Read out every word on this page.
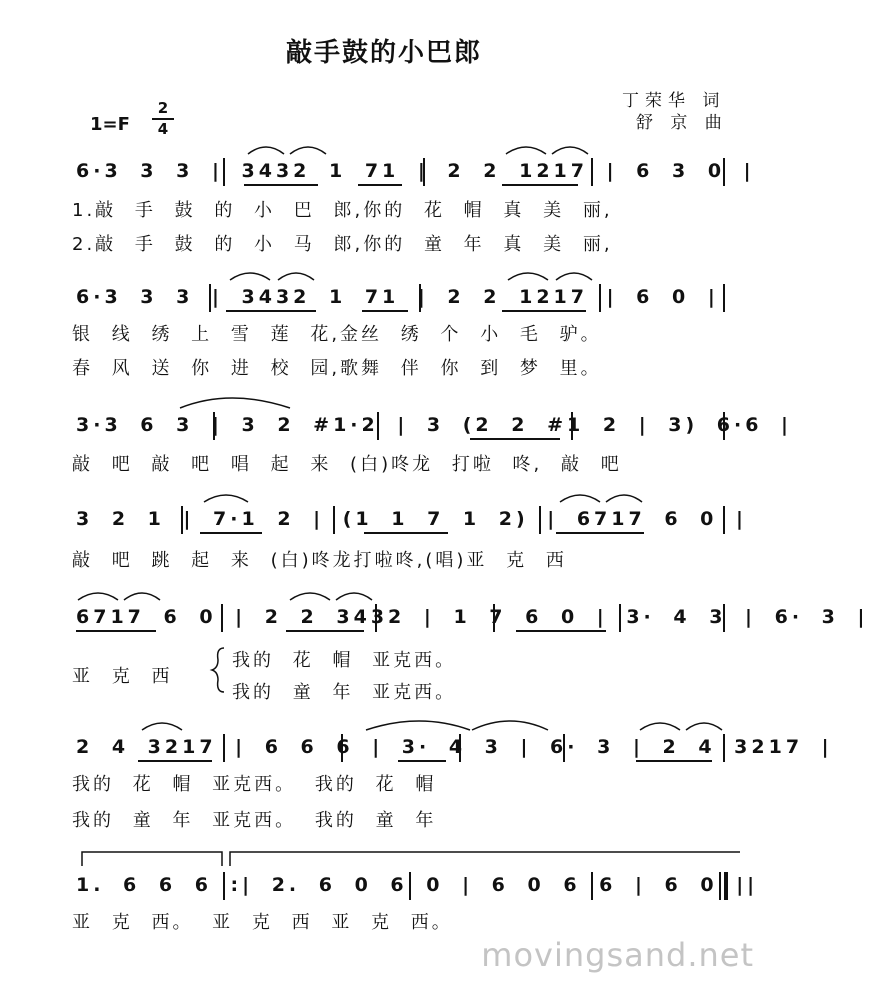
敲手鼓的小巴郎
丁荣华 词
舒 京 曲
1=F
2
4
6·3 3 3 | 3432 1 71 | 2 2 1217 | 6 3 0 |
1.敲 手 鼓 的 小 巴 郎,你的 花 帽 真 美 丽,
2.敲 手 鼓 的 小 马 郎,你的 童 年 真 美 丽,
6·3 3 3 | 3432 1 71 | 2 2 1217 | 6 0 |
银 线 绣 上 雪 莲 花,金丝 绣 个 小 毛 驴。
春 风 送 你 进 校 园,歌舞 伴 你 到 梦 里。
3·3 6 3 | 3 2 #1·2 | 3 (2 2 #1 2 | 3) 6·6 |
敲 吧 敲 吧 唱 起 来 (白)咚龙 打啦 咚, 敲 吧
3 2 1 | 7·1 2 | (1 1 7 1 2) | 6717 6 0 |
敲 吧 跳 起 来 (白)咚龙打啦咚,(唱)亚 克 西
6717 6 0 | 2 2 3432 | 1 7 6 0 | 3· 4 3 | 6· 3 |
亚 克 西
我的 花 帽 亚克西。
我的 童 年 亚克西。
2 4 3217 | 6 6 6 | 3· 4 3 | 6· 3 | 2 4 3217 |
我的 花 帽 亚克西。 我的 花 帽
我的 童 年 亚克西。 我的 童 年
1. 6 6 6 :| 2. 6 0 6 0 | 6 0 6 6 | 6 0 ||
亚 克 西。 亚 克 西 亚 克 西。
movingsand.net
